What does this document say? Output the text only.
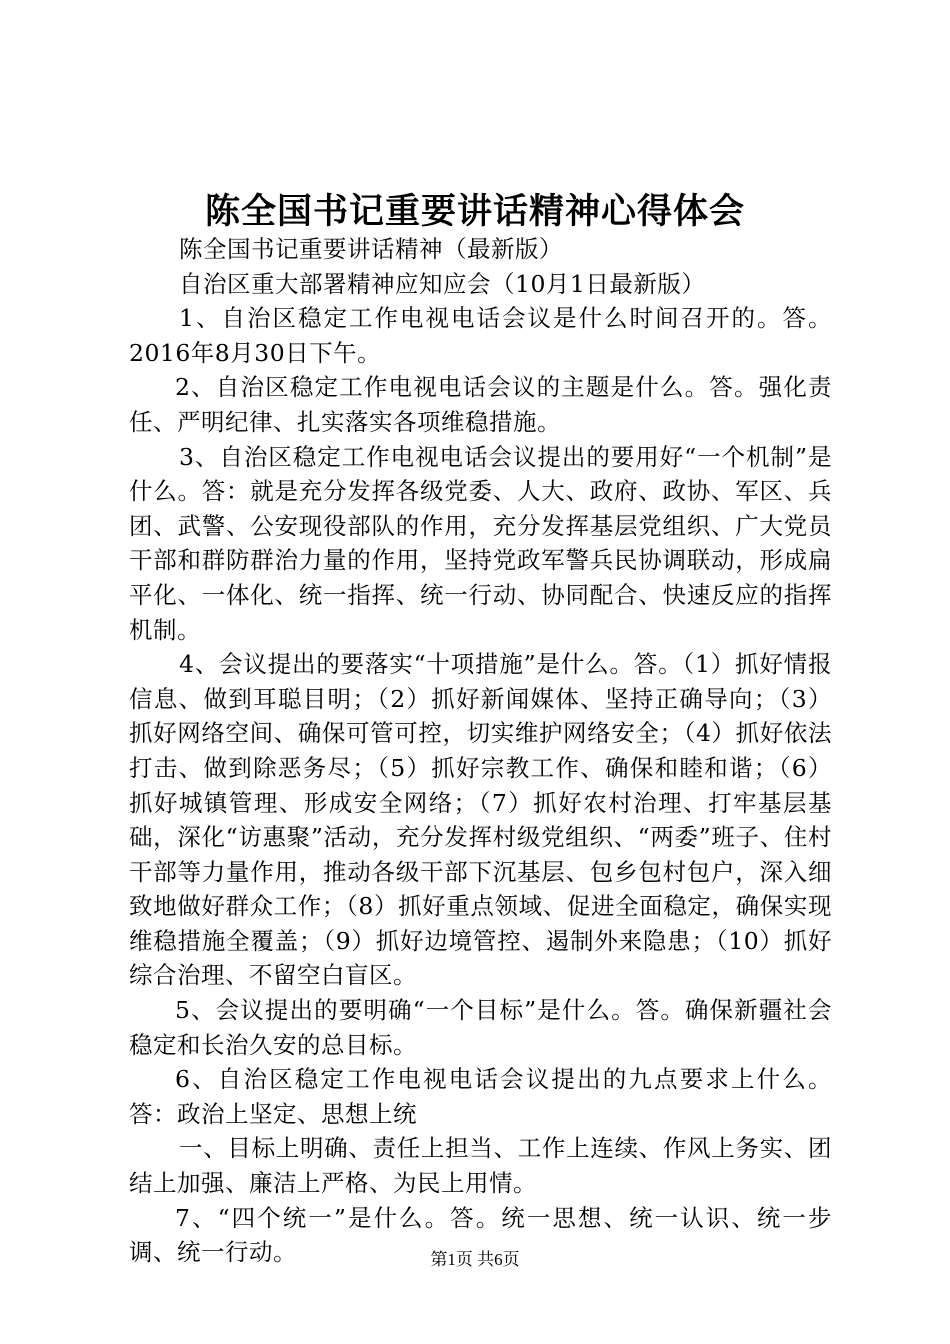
陈全国书记重要讲话精神心得体会

陈全国书记重要讲话精神（最新版）

自治区重大部署精神应知应会（10月1日最新版）

1、自治区稳定工作电视电话会议是什么时间召开的。答。2016年8月30日下午。

2、自治区稳定工作电视电话会议的主题是什么。答。强化责任、严明纪律、扎实落实各项维稳措施。

3、自治区稳定工作电视电话会议提出的要用好“一个机制”是什么。答：就是充分发挥各级党委、人大、政府、政协、军区、兵团、武警、公安现役部队的作用，充分发挥基层党组织、广大党员干部和群防群治力量的作用，坚持党政军警兵民协调联动，形成扁平化、一体化、统一指挥、统一行动、协同配合、快速反应的指挥机制。

4、会议提出的要落实“十项措施”是什么。答。（1）抓好情报信息、做到耳聪目明；（2）抓好新闻媒体、坚持正确导向；（3）抓好网络空间、确保可管可控，切实维护网络安全；（4）抓好依法打击、做到除恶务尽；（5）抓好宗教工作、确保和睦和谐；（6）抓好城镇管理、形成安全网络；（7）抓好农村治理、打牢基层基础，深化“访惠聚”活动，充分发挥村级党组织、“两委”班子、住村干部等力量作用，推动各级干部下沉基层、包乡包村包户，深入细致地做好群众工作；（8）抓好重点领域、促进全面稳定，确保实现维稳措施全覆盖；（9）抓好边境管控、遏制外来隐患；（10）抓好综合治理、不留空白盲区。

5、会议提出的要明确“一个目标”是什么。答。确保新疆社会稳定和长治久安的总目标。

6、自治区稳定工作电视电话会议提出的九点要求上什么。答：政治上坚定、思想上统

一、目标上明确、责任上担当、工作上连续、作风上务实、团结上加强、廉洁上严格、为民上用情。

7、“四个统一”是什么。答。统一思想、统一认识、统一步调、统一行动。	第1页 共6页
